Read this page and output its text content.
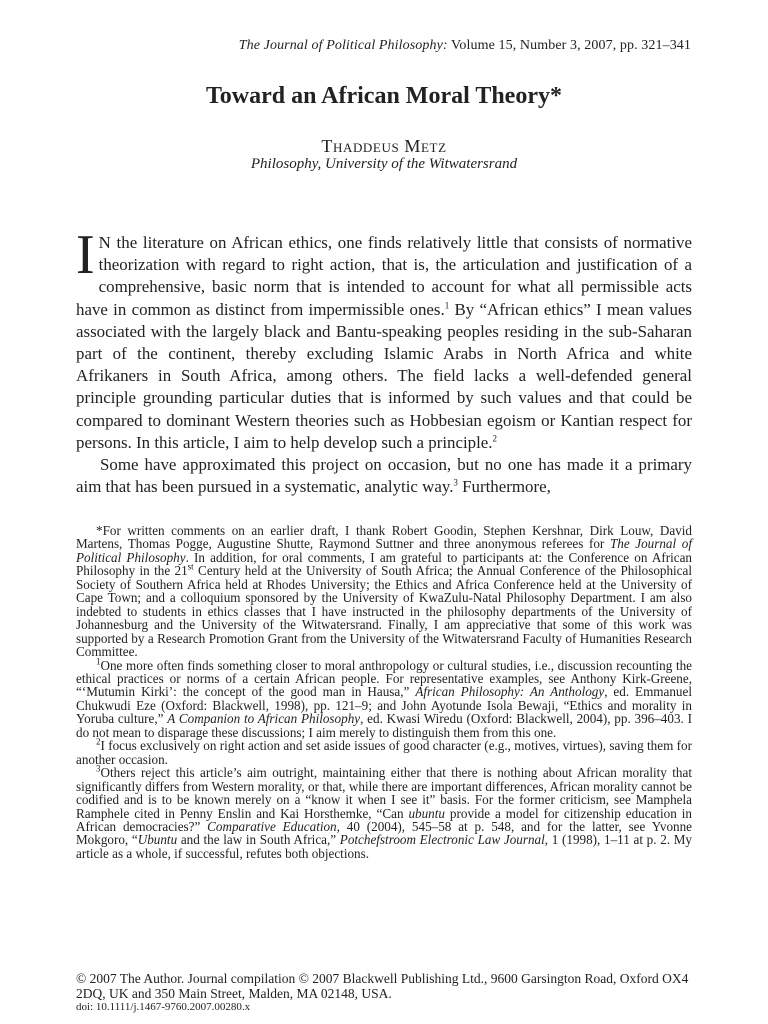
The Journal of Political Philosophy: Volume 15, Number 3, 2007, pp. 321–341
Toward an African Moral Theory*
Thaddeus Metz
Philosophy, University of the Witwatersrand

I N the literature on African ethics, one finds relatively little that consists of normative theorization with regard to right action, that is, the articulation and justification of a comprehensive, basic norm that is intended to account for what all permissible acts have in common as distinct from impermissible ones.$^1$ By “African ethics” I mean values associated with the largely black and Bantu-speaking peoples residing in the sub-Saharan part of the continent, thereby excluding Islamic Arabs in North Africa and white Afrikaners in South Africa, among others. The field lacks a well-defended general principle grounding particular duties that is informed by such values and that could be compared to dominant Western theories such as Hobbesian egoism or Kantian respect for persons. In this article, I aim to help develop such a principle.$^2$

Some have approximated this project on occasion, but no one has made it a primary aim that has been pursued in a systematic, analytic way.$^3$ Furthermore,

*For written comments on an earlier draft, I thank Robert Goodin, Stephen Kershnar, Dirk Louw, David Martens, Thomas Pogge, Augustine Shutte, Raymond Suttner and three anonymous referees for The Journal of Political Philosophy. In addition, for oral comments, I am grateful to participants at: the Conference on African Philosophy in the 21st Century held at the University of South Africa; the Annual Conference of the Philosophical Society of Southern Africa held at Rhodes University; the Ethics and Africa Conference held at the University of Cape Town; and a colloquium sponsored by the University of KwaZulu-Natal Philosophy Department. I am also indebted to students in ethics classes that I have instructed in the philosophy departments of the University of Johannesburg and the University of the Witwatersrand. Finally, I am appreciative that some of this work was supported by a Research Promotion Grant from the University of the Witwatersrand Faculty of Humanities Research Committee.

$^1$One more often finds something closer to moral anthropology or cultural studies, i.e., discussion recounting the ethical practices or norms of a certain African people. For representative examples, see Anthony Kirk-Greene, “‘Mutumin Kirki’: the concept of the good man in Hausa,” African Philosophy: An Anthology, ed. Emmanuel Chukwudi Eze (Oxford: Blackwell, 1998), pp. 121–9; and John Ayotunde Isola Bewaji, “Ethics and morality in Yoruba culture,” A Companion to African Philosophy, ed. Kwasi Wiredu (Oxford: Blackwell, 2004), pp. 396–403. I do not mean to disparage these discussions; I aim merely to distinguish them from this one.

$^2$I focus exclusively on right action and set aside issues of good character (e.g., motives, virtues), saving them for another occasion.

$^3$Others reject this article’s aim outright, maintaining either that there is nothing about African morality that significantly differs from Western morality, or that, while there are important differences, African morality cannot be codified and is to be known merely on a “know it when I see it” basis. For the former criticism, see Mamphela Ramphele cited in Penny Enslin and Kai Horsthemke, “Can ubuntu provide a model for citizenship education in African democracies?” Comparative Education, 40 (2004), 545–58 at p. 548, and for the latter, see Yvonne Mokgoro, “Ubuntu and the law in South Africa,” Potchefstroom Electronic Law Journal, 1 (1998), 1–11 at p. 2. My article as a whole, if successful, refutes both objections.

© 2007 The Author. Journal compilation © 2007 Blackwell Publishing Ltd., 9600 Garsington Road, Oxford OX4 2DQ, UK and 350 Main Street, Malden, MA 02148, USA.
doi: 10.1111/j.1467-9760.2007.00280.x
